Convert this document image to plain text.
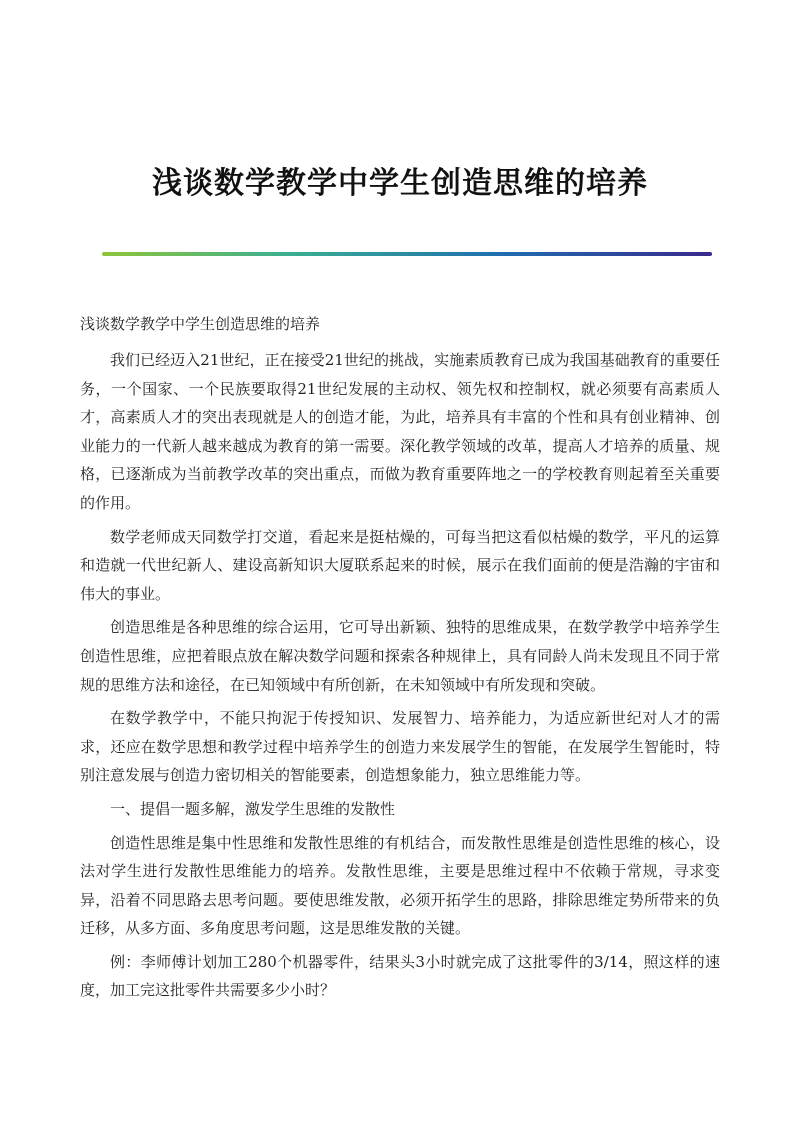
浅谈数学教学中学生创造思维的培养

浅谈数学教学中学生创造思维的培养

我们已经迈入21世纪，正在接受21世纪的挑战，实施素质教育已成为我国基础教育的重要任务，一个国家、一个民族要取得21世纪发展的主动权、领先权和控制权，就必须要有高素质人才，高素质人才的突出表现就是人的创造才能，为此，培养具有丰富的个性和具有创业精神、创业能力的一代新人越来越成为教育的第一需要。深化教学领域的改革，提高人才培养的质量、规格，已逐渐成为当前教学改革的突出重点，而做为教育重要阵地之一的学校教育则起着至关重要的作用。

数学老师成天同数学打交道，看起来是挺枯燥的，可每当把这看似枯燥的数学，平凡的运算和造就一代世纪新人、建设高新知识大厦联系起来的时候，展示在我们面前的便是浩瀚的宇宙和伟大的事业。

创造思维是各种思维的综合运用，它可导出新颖、独特的思维成果，在数学教学中培养学生创造性思维，应把着眼点放在解决数学问题和探索各种规律上，具有同龄人尚未发现且不同于常规的思维方法和途径，在已知领域中有所创新，在未知领域中有所发现和突破。

在数学教学中，不能只拘泥于传授知识、发展智力、培养能力，为适应新世纪对人才的需求，还应在数学思想和教学过程中培养学生的创造力来发展学生的智能，在发展学生智能时，特别注意发展与创造力密切相关的智能要素，创造想象能力，独立思维能力等。

一、提倡一题多解，激发学生思维的发散性

创造性思维是集中性思维和发散性思维的有机结合，而发散性思维是创造性思维的核心，设法对学生进行发散性思维能力的培养。发散性思维，主要是思维过程中不依赖于常规，寻求变异，沿着不同思路去思考问题。要使思维发散，必须开拓学生的思路，排除思维定势所带来的负迁移，从多方面、多角度思考问题，这是思维发散的关键。

例：李师傅计划加工280个机器零件，结果头3小时就完成了这批零件的3/14，照这样的速度，加工完这批零件共需要多少小时？
